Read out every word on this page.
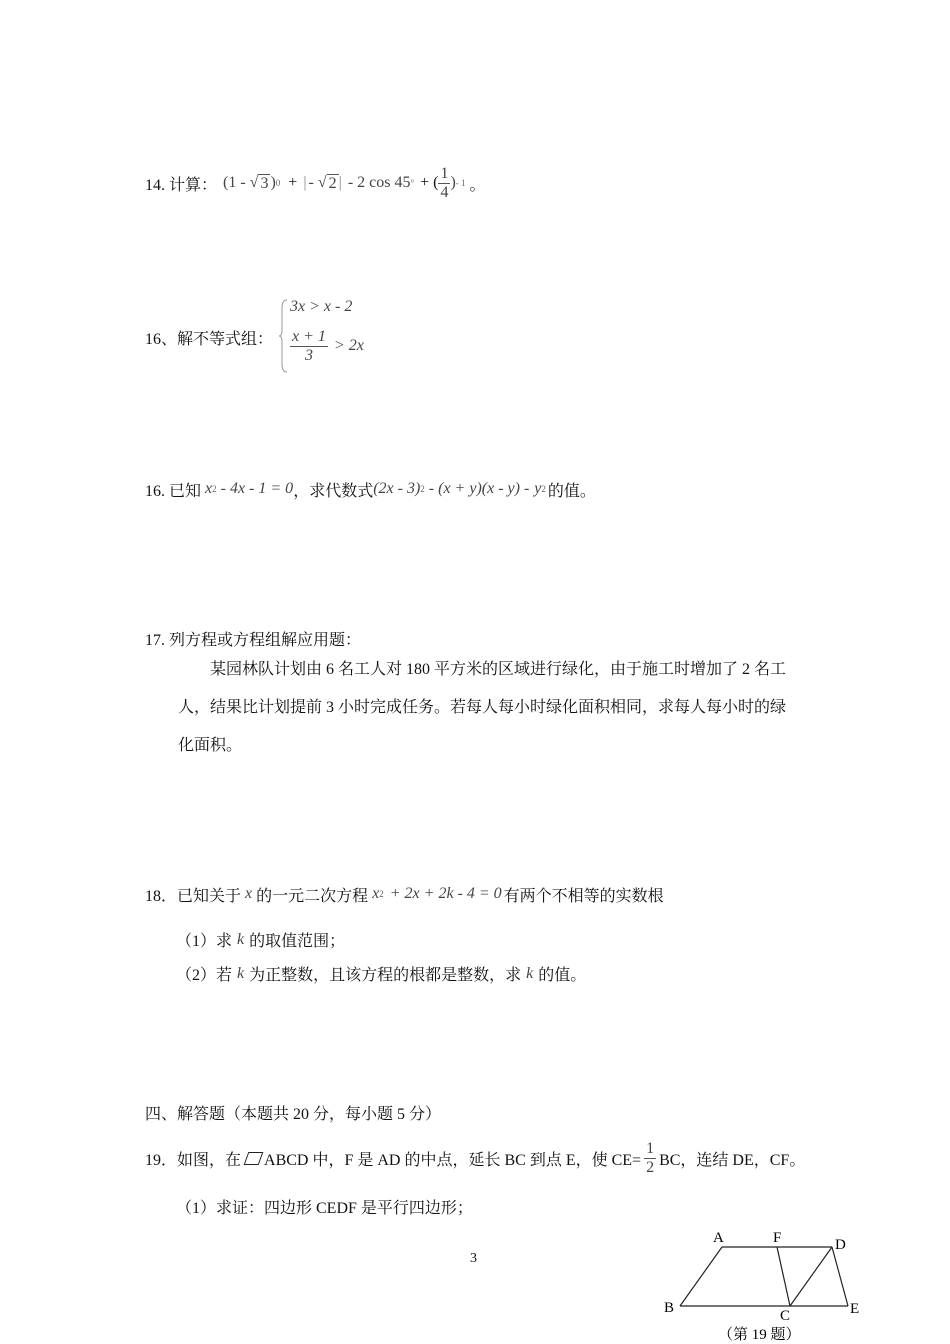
14. 计算： (1 - √ 3 ) 0 + | - √ 2 | - 2 cos 45 ° + ( $\frac{1}{4}$ ) - 1 。
16、解不等式组：
3x > x - 2
$\frac{x + 1}{3} > 2x$
16. 已知 x 2 - 4x - 1 = 0 ，求代数式 (2x - 3) 2 - (x + y)(x - y) - y 2 的值。
17. 列方程或方程组解应用题：
某园林队计划由 6 名工人对 180 平方米的区域进行绿化，由于施工时增加了 2 名工
人，结果比计划提前 3 小时完成任务。若每人每小时绿化面积相同，求每人每小时的绿
化面积。
18．已知关于 x 的一元二次方程 x 2 + 2x + 2k - 4 = 0 有两个不相等的实数根
（1）求 k 的取值范围；
（2）若 k 为正整数，且该方程的根都是整数，求 k 的值。
四、解答题（本题共 20 分，每小题 5 分）
19．如图，在 ABCD 中，F 是 AD 的中点，延长 BC 到点 E，使 $CE= \frac{1}{2}$ BC，连结 DE，CF。
（1）求证：四边形 CEDF 是平行四边形；
3
A	F	D
B	C	E
（第 19 题）
